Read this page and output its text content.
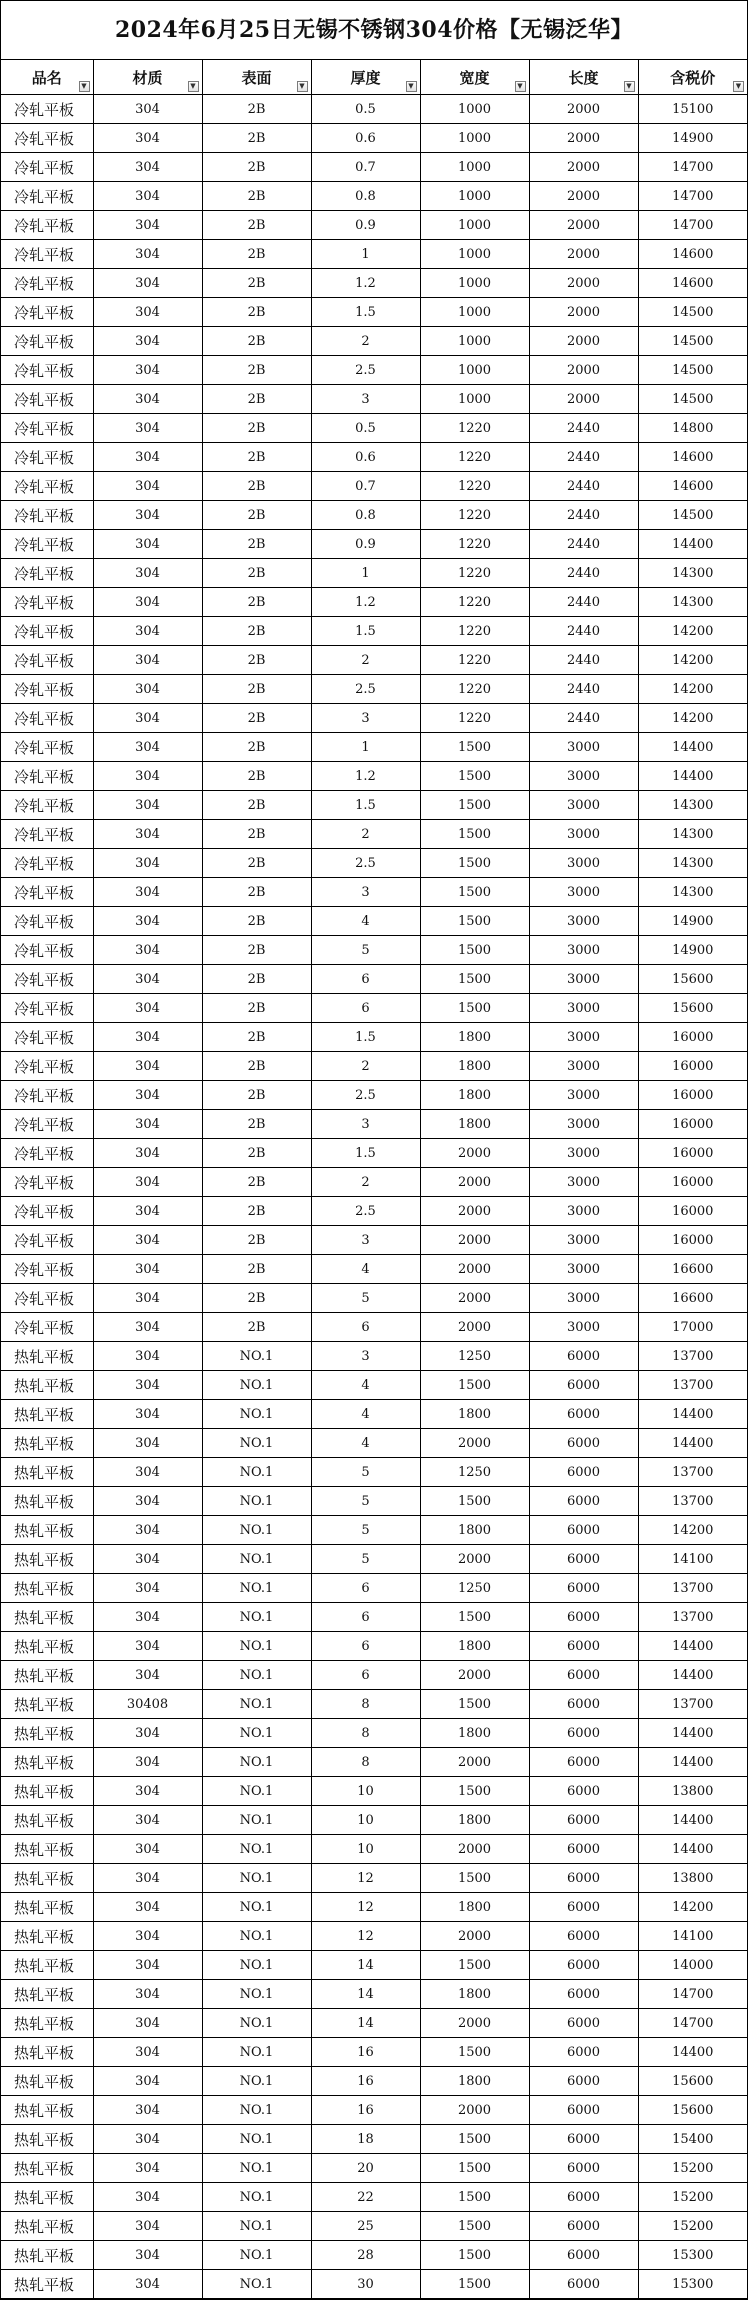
2024年6月25日无锡不锈钢304价格【无锡泛华】
品名 ▼	材质 ▼	表面 ▼	厚度 ▼	宽度 ▼	长度 ▼	含税价 ▼

冷轧平板	304	2B	0.5	1000	2000	15100
冷轧平板	304	2B	0.6	1000	2000	14900
冷轧平板	304	2B	0.7	1000	2000	14700
冷轧平板	304	2B	0.8	1000	2000	14700
冷轧平板	304	2B	0.9	1000	2000	14700
冷轧平板	304	2B	1	1000	2000	14600
冷轧平板	304	2B	1.2	1000	2000	14600
冷轧平板	304	2B	1.5	1000	2000	14500
冷轧平板	304	2B	2	1000	2000	14500
冷轧平板	304	2B	2.5	1000	2000	14500
冷轧平板	304	2B	3	1000	2000	14500
冷轧平板	304	2B	0.5	1220	2440	14800
冷轧平板	304	2B	0.6	1220	2440	14600
冷轧平板	304	2B	0.7	1220	2440	14600
冷轧平板	304	2B	0.8	1220	2440	14500
冷轧平板	304	2B	0.9	1220	2440	14400
冷轧平板	304	2B	1	1220	2440	14300
冷轧平板	304	2B	1.2	1220	2440	14300
冷轧平板	304	2B	1.5	1220	2440	14200
冷轧平板	304	2B	2	1220	2440	14200
冷轧平板	304	2B	2.5	1220	2440	14200
冷轧平板	304	2B	3	1220	2440	14200
冷轧平板	304	2B	1	1500	3000	14400
冷轧平板	304	2B	1.2	1500	3000	14400
冷轧平板	304	2B	1.5	1500	3000	14300
冷轧平板	304	2B	2	1500	3000	14300
冷轧平板	304	2B	2.5	1500	3000	14300
冷轧平板	304	2B	3	1500	3000	14300
冷轧平板	304	2B	4	1500	3000	14900
冷轧平板	304	2B	5	1500	3000	14900
冷轧平板	304	2B	6	1500	3000	15600
冷轧平板	304	2B	6	1500	3000	15600
冷轧平板	304	2B	1.5	1800	3000	16000
冷轧平板	304	2B	2	1800	3000	16000
冷轧平板	304	2B	2.5	1800	3000	16000
冷轧平板	304	2B	3	1800	3000	16000
冷轧平板	304	2B	1.5	2000	3000	16000
冷轧平板	304	2B	2	2000	3000	16000
冷轧平板	304	2B	2.5	2000	3000	16000
冷轧平板	304	2B	3	2000	3000	16000
冷轧平板	304	2B	4	2000	3000	16600
冷轧平板	304	2B	5	2000	3000	16600
冷轧平板	304	2B	6	2000	3000	17000
热轧平板	304	NO.1	3	1250	6000	13700
热轧平板	304	NO.1	4	1500	6000	13700
热轧平板	304	NO.1	4	1800	6000	14400
热轧平板	304	NO.1	4	2000	6000	14400
热轧平板	304	NO.1	5	1250	6000	13700
热轧平板	304	NO.1	5	1500	6000	13700
热轧平板	304	NO.1	5	1800	6000	14200
热轧平板	304	NO.1	5	2000	6000	14100
热轧平板	304	NO.1	6	1250	6000	13700
热轧平板	304	NO.1	6	1500	6000	13700
热轧平板	304	NO.1	6	1800	6000	14400
热轧平板	304	NO.1	6	2000	6000	14400
热轧平板	30408	NO.1	8	1500	6000	13700
热轧平板	304	NO.1	8	1800	6000	14400
热轧平板	304	NO.1	8	2000	6000	14400
热轧平板	304	NO.1	10	1500	6000	13800
热轧平板	304	NO.1	10	1800	6000	14400
热轧平板	304	NO.1	10	2000	6000	14400
热轧平板	304	NO.1	12	1500	6000	13800
热轧平板	304	NO.1	12	1800	6000	14200
热轧平板	304	NO.1	12	2000	6000	14100
热轧平板	304	NO.1	14	1500	6000	14000
热轧平板	304	NO.1	14	1800	6000	14700
热轧平板	304	NO.1	14	2000	6000	14700
热轧平板	304	NO.1	16	1500	6000	14400
热轧平板	304	NO.1	16	1800	6000	15600
热轧平板	304	NO.1	16	2000	6000	15600
热轧平板	304	NO.1	18	1500	6000	15400
热轧平板	304	NO.1	20	1500	6000	15200
热轧平板	304	NO.1	22	1500	6000	15200
热轧平板	304	NO.1	25	1500	6000	15200
热轧平板	304	NO.1	28	1500	6000	15300
热轧平板	304	NO.1	30	1500	6000	15300
